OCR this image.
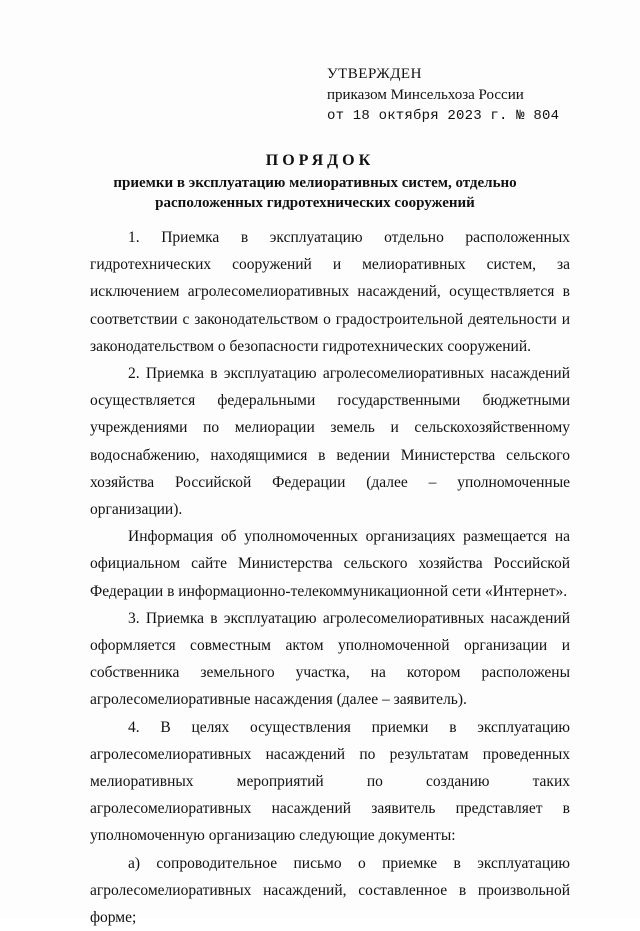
УТВЕРЖДЕН
приказом Минсельхоза России
от 18 октября 2023 г. № 804
ПОРЯДОК
приемки в эксплуатацию мелиоративных систем, отдельно расположенных гидротехнических сооружений

1. Приемка в эксплуатацию отдельно расположенных гидротехнических сооружений и мелиоративных систем, за исключением агролесомелиоративных насаждений, осуществляется в соответствии с законодательством о градостроительной деятельности и законодательством о безопасности гидротехнических сооружений.

2. Приемка в эксплуатацию агролесомелиоративных насаждений осуществляется федеральными государственными бюджетными учреждениями по мелиорации земель и сельскохозяйственному водоснабжению, находящимися в ведении Министерства сельского хозяйства Российской Федерации (далее – уполномоченные организации).

Информация об уполномоченных организациях размещается на официальном сайте Министерства сельского хозяйства Российской Федерации в информационно-телекоммуникационной сети «Интернет».

3. Приемка в эксплуатацию агролесомелиоративных насаждений оформляется совместным актом уполномоченной организации и собственника земельного участка, на котором расположены агролесомелиоративные насаждения (далее – заявитель).

4. В целях осуществления приемки в эксплуатацию агролесомелиоративных насаждений по результатам проведенных мелиоративных мероприятий по созданию таких агролесомелиоративных насаждений заявитель представляет в уполномоченную организацию следующие документы:

а) сопроводительное письмо о приемке в эксплуатацию агролесомелиоративных насаждений, составленное в произвольной форме;
